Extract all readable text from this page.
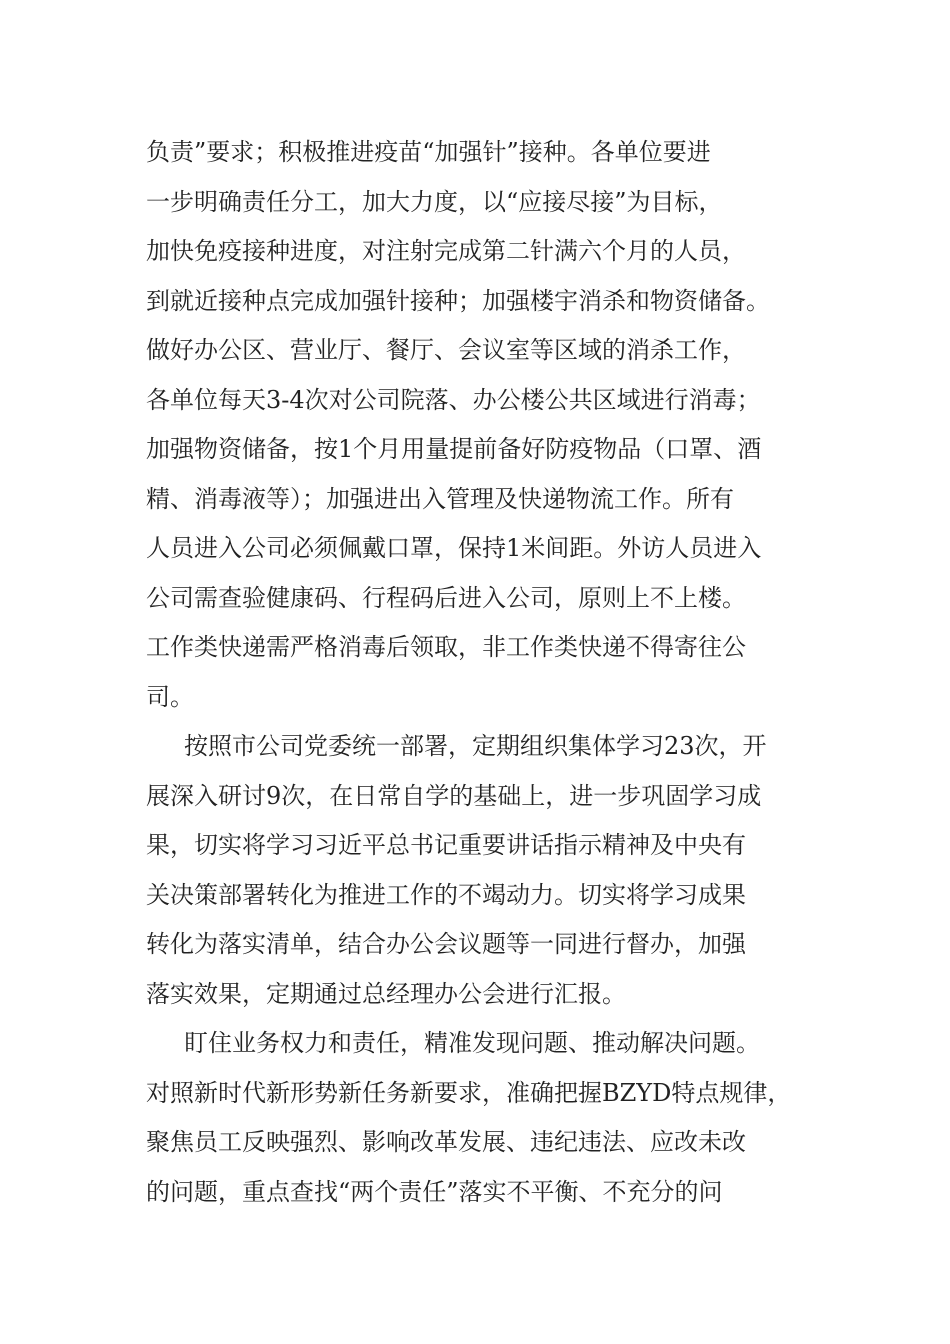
负责”要求；积极推进疫苗“加强针”接种。各单位要进
一步明确责任分工，加大力度，以“应接尽接”为目标，
加快免疫接种进度，对注射完成第二针满六个月的人员，
到就近接种点完成加强针接种；加强楼宇消杀和物资储备。
做好办公区、营业厅、餐厅、会议室等区域的消杀工作，
各单位每天3-4次对公司院落、办公楼公共区域进行消毒；
加强物资储备，按1个月用量提前备好防疫物品（口罩、酒
精、消毒液等）；加强进出入管理及快递物流工作。所有
人员进入公司必须佩戴口罩，保持1米间距。外访人员进入
公司需查验健康码、行程码后进入公司，原则上不上楼。
工作类快递需严格消毒后领取，非工作类快递不得寄往公
司。
按照市公司党委统一部署，定期组织集体学习23次，开
展深入研讨9次，在日常自学的基础上，进一步巩固学习成
果，切实将学习习近平总书记重要讲话指示精神及中央有
关决策部署转化为推进工作的不竭动力。切实将学习成果
转化为落实清单，结合办公会议题等一同进行督办，加强
落实效果，定期通过总经理办公会进行汇报。
盯住业务权力和责任，精准发现问题、推动解决问题。
对照新时代新形势新任务新要求，准确把握BZYD特点规律，
聚焦员工反映强烈、影响改革发展、违纪违法、应改未改
的问题，重点查找“两个责任”落实不平衡、不充分的问
